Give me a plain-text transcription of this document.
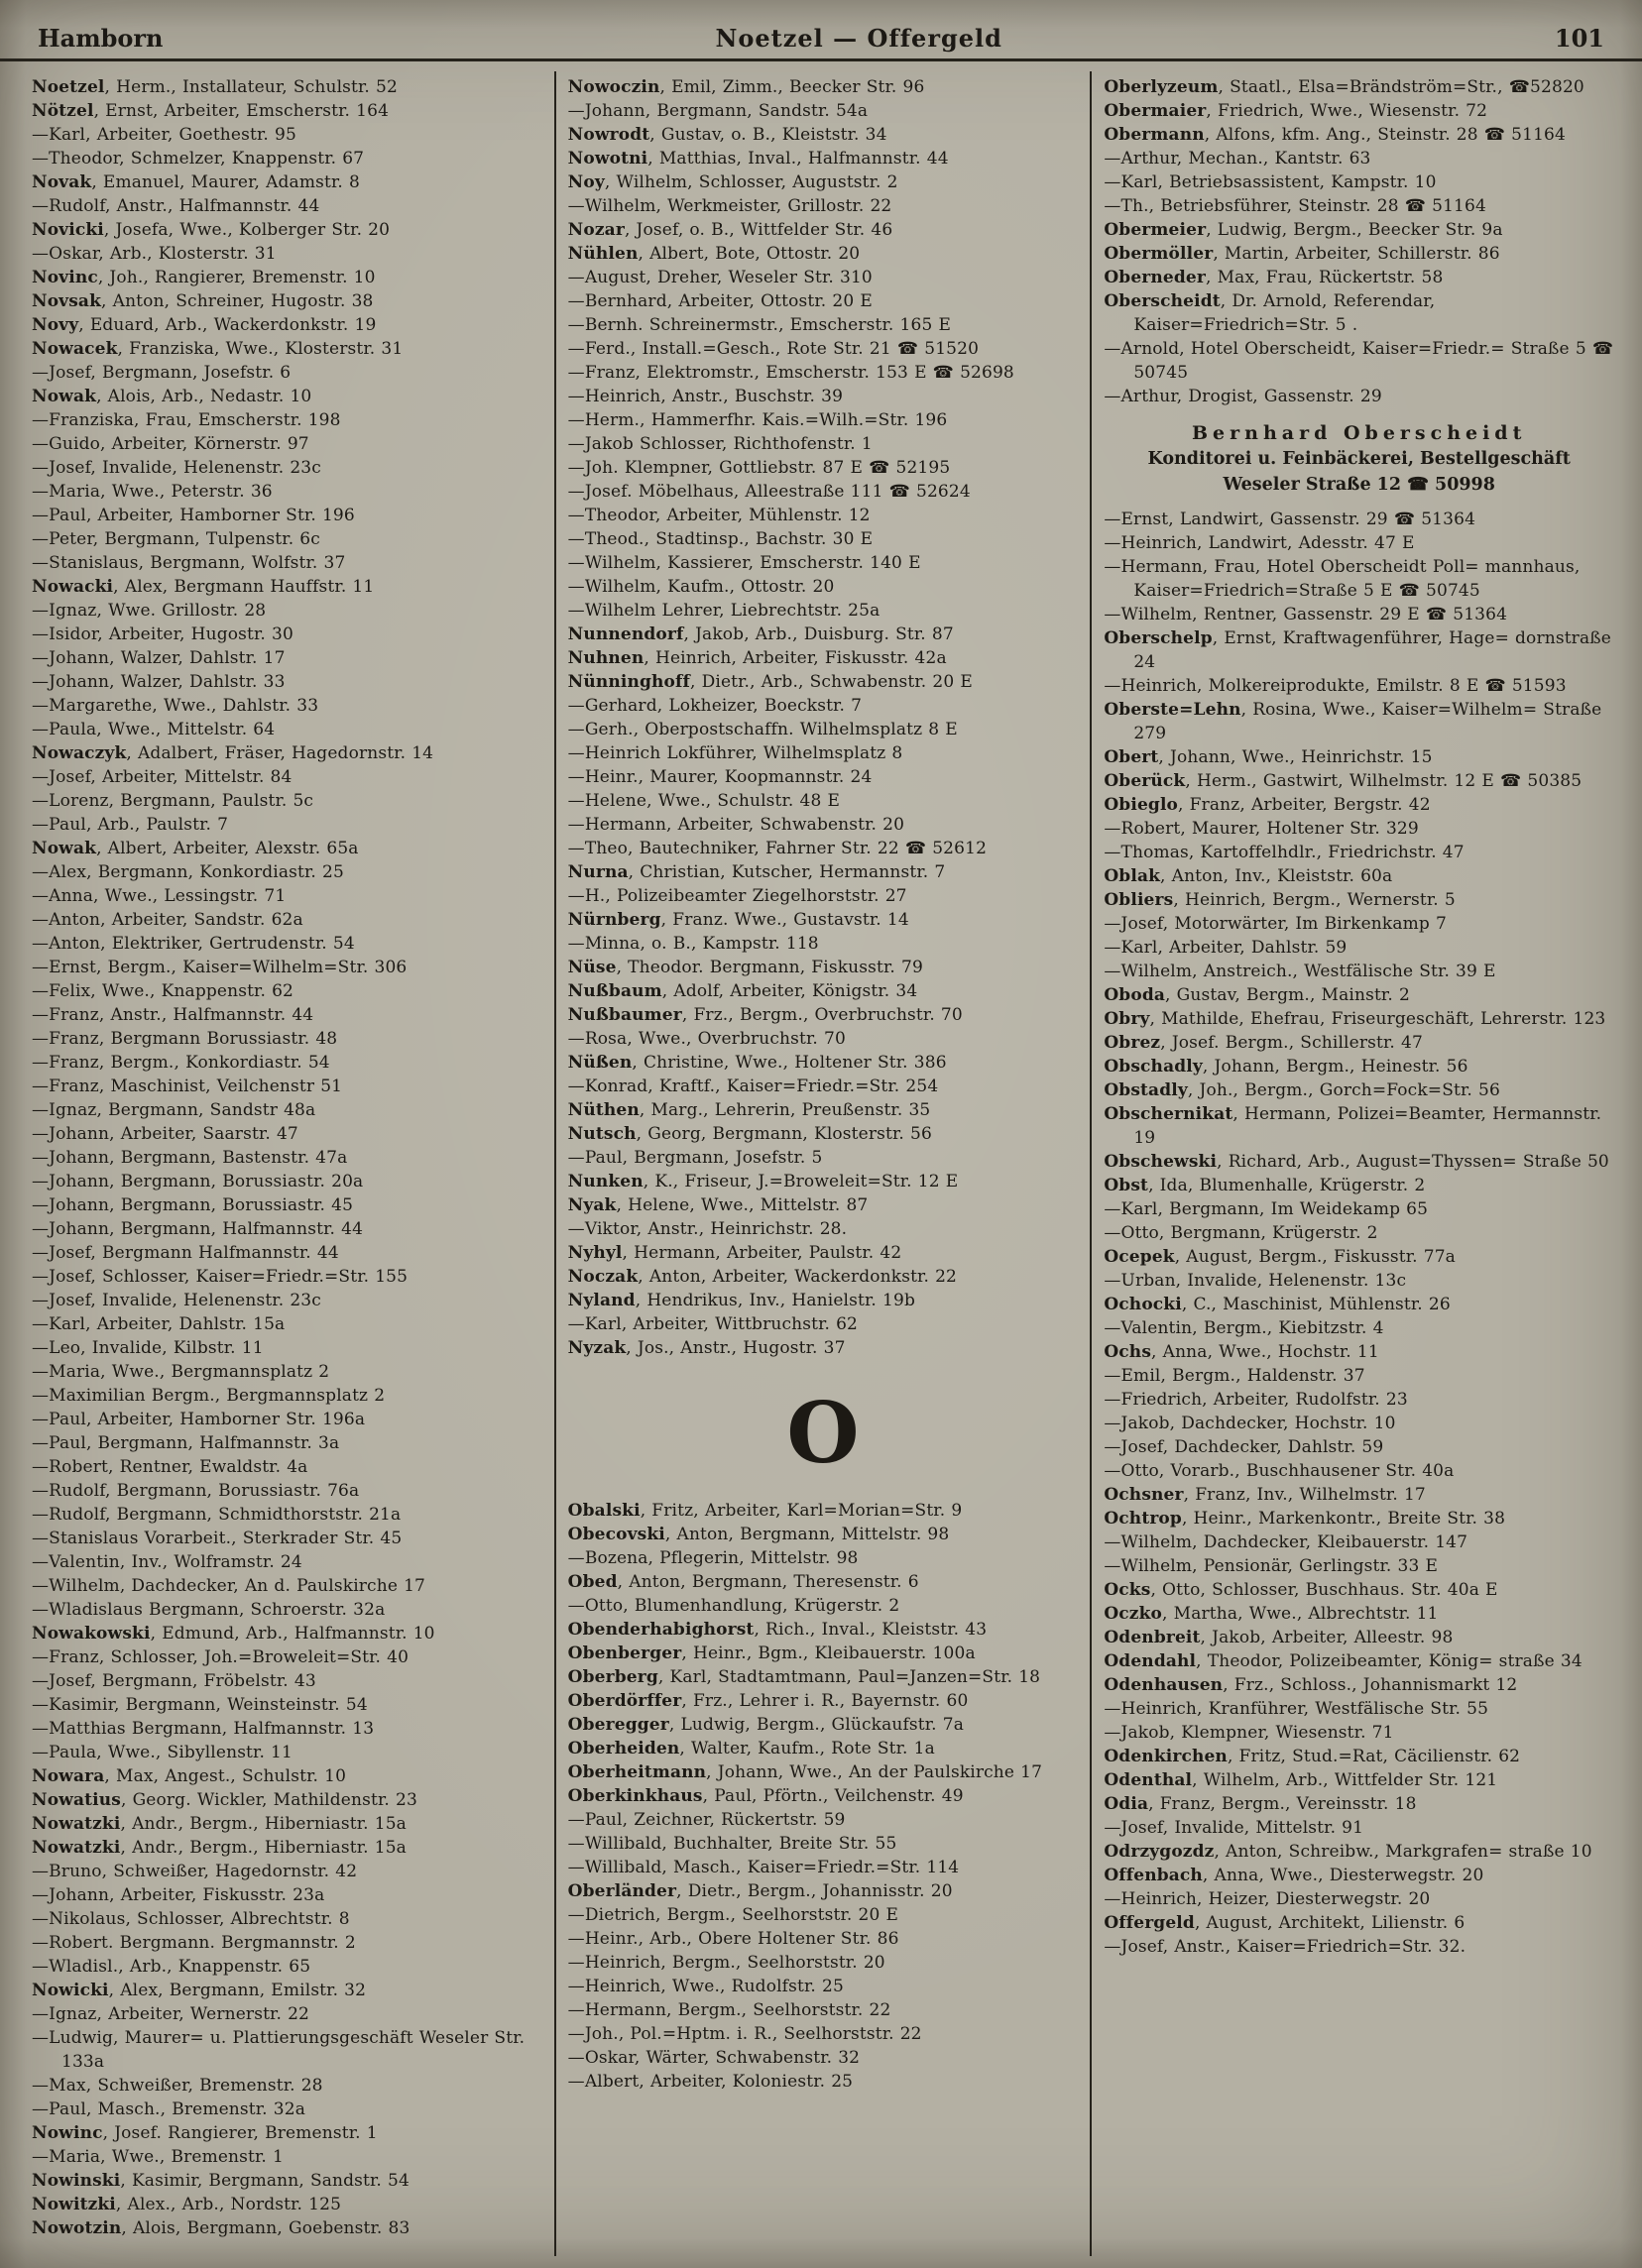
Hamborn	Noetzel — Offergeld	101
Noetzel, Herm., Installateur, Schulstr. 52
Nötzel, Ernst, Arbeiter, Emscherstr. 164
—Karl, Arbeiter, Goethestr. 95
—Theodor, Schmelzer, Knappenstr. 67
Novak, Emanuel, Maurer, Adamstr. 8
—Rudolf, Anstr., Halfmannstr. 44
Novicki, Josefa, Wwe., Kolberger Str. 20
—Oskar, Arb., Klosterstr. 31
Novinc, Joh., Rangierer, Bremenstr. 10
Novsak, Anton, Schreiner, Hugostr. 38
Novy, Eduard, Arb., Wackerdonkstr. 19
Nowacek, Franziska, Wwe., Klosterstr. 31
—Josef, Bergmann, Josefstr. 6
Nowak, Alois, Arb., Nedastr. 10
—Franziska, Frau, Emscherstr. 198
—Guido, Arbeiter, Körnerstr. 97
—Josef, Invalide, Helenenstr. 23c
—Maria, Wwe., Peterstr. 36
—Paul, Arbeiter, Hamborner Str. 196
—Peter, Bergmann, Tulpenstr. 6c
—Stanislaus, Bergmann, Wolfstr. 37
Nowacki, Alex, Bergmann Hauffstr. 11
—Ignaz, Wwe. Grillostr. 28
—Isidor, Arbeiter, Hugostr. 30
—Johann, Walzer, Dahlstr. 17
—Johann, Walzer, Dahlstr. 33
—Margarethe, Wwe., Dahlstr. 33
—Paula, Wwe., Mittelstr. 64
Nowaczyk, Adalbert, Fräser, Hagedornstr. 14
—Josef, Arbeiter, Mittelstr. 84
—Lorenz, Bergmann, Paulstr. 5c
—Paul, Arb., Paulstr. 7
Nowak, Albert, Arbeiter, Alexstr. 65a
—Alex, Bergmann, Konkordiastr. 25
—Anna, Wwe., Lessingstr. 71
—Anton, Arbeiter, Sandstr. 62a
—Anton, Elektriker, Gertrudenstr. 54
—Ernst, Bergm., Kaiser=Wilhelm=Str. 306
—Felix, Wwe., Knappenstr. 62
—Franz, Anstr., Halfmannstr. 44
—Franz, Bergmann Borussiastr. 48
—Franz, Bergm., Konkordiastr. 54
—Franz, Maschinist, Veilchenstr 51
—Ignaz, Bergmann, Sandstr 48a
—Johann, Arbeiter, Saarstr. 47
—Johann, Bergmann, Bastenstr. 47a
—Johann, Bergmann, Borussiastr. 20a
—Johann, Bergmann, Borussiastr. 45
—Johann, Bergmann, Halfmannstr. 44
—Josef, Bergmann Halfmannstr. 44
—Josef, Schlosser, Kaiser=Friedr.=Str. 155
—Josef, Invalide, Helenenstr. 23c
—Karl, Arbeiter, Dahlstr. 15a
—Leo, Invalide, Kilbstr. 11
—Maria, Wwe., Bergmannsplatz 2
—Maximilian Bergm., Bergmannsplatz 2
—Paul, Arbeiter, Hamborner Str. 196a
—Paul, Bergmann, Halfmannstr. 3a
—Robert, Rentner, Ewaldstr. 4a
—Rudolf, Bergmann, Borussiastr. 76a
—Rudolf, Bergmann, Schmidthorststr. 21a
—Stanislaus Vorarbeit., Sterkrader Str. 45
—Valentin, Inv., Wolframstr. 24
—Wilhelm, Dachdecker, An d. Paulskirche 17
—Wladislaus Bergmann, Schroerstr. 32a
Nowakowski, Edmund, Arb., Halfmannstr. 10
—Franz, Schlosser, Joh.=Broweleit=Str. 40
—Josef, Bergmann, Fröbelstr. 43
—Kasimir, Bergmann, Weinsteinstr. 54
—Matthias Bergmann, Halfmannstr. 13
—Paula, Wwe., Sibyllenstr. 11
Nowara, Max, Angest., Schulstr. 10
Nowatius, Georg. Wickler, Mathildenstr. 23
Nowatzki, Andr., Bergm., Hiberniastr. 15a
Nowatzki, Andr., Bergm., Hiberniastr. 15a
—Bruno, Schweißer, Hagedornstr. 42
—Johann, Arbeiter, Fiskusstr. 23a
—Nikolaus, Schlosser, Albrechtstr. 8
—Robert. Bergmann. Bergmannstr. 2
—Wladisl., Arb., Knappenstr. 65
Nowicki, Alex, Bergmann, Emilstr. 32
—Ignaz, Arbeiter, Wernerstr. 22
—Ludwig, Maurer= u. Plattierungsgeschäft Weseler Str. 133a
—Max, Schweißer, Bremenstr. 28
—Paul, Masch., Bremenstr. 32a
Nowinc, Josef. Rangierer, Bremenstr. 1
—Maria, Wwe., Bremenstr. 1
Nowinski, Kasimir, Bergmann, Sandstr. 54
Nowitzki, Alex., Arb., Nordstr. 125
Nowotzin, Alois, Bergmann, Goebenstr. 83
Nowoczin, Emil, Zimm., Beecker Str. 96
—Johann, Bergmann, Sandstr. 54a
Nowrodt, Gustav, o. B., Kleiststr. 34
Nowotni, Matthias, Inval., Halfmannstr. 44
Noy, Wilhelm, Schlosser, Auguststr. 2
—Wilhelm, Werkmeister, Grillostr. 22
Nozar, Josef, o. B., Wittfelder Str. 46
Nühlen, Albert, Bote, Ottostr. 20
—August, Dreher, Weseler Str. 310
—Bernhard, Arbeiter, Ottostr. 20 E
—Bernh. Schreinermstr., Emscherstr. 165 E
—Ferd., Install.=Gesch., Rote Str. 21 ☎ 51520
—Franz, Elektromstr., Emscherstr. 153 E ☎ 52698
—Heinrich, Anstr., Buschstr. 39
—Herm., Hammerfhr. Kais.=Wilh.=Str. 196
—Jakob Schlosser, Richthofenstr. 1
—Joh. Klempner, Gottliebstr. 87 E ☎ 52195
—Josef. Möbelhaus, Alleestraße 111 ☎ 52624
—Theodor, Arbeiter, Mühlenstr. 12
—Theod., Stadtinsp., Bachstr. 30 E
—Wilhelm, Kassierer, Emscherstr. 140 E
—Wilhelm, Kaufm., Ottostr. 20
—Wilhelm Lehrer, Liebrechtstr. 25a
Nunnendorf, Jakob, Arb., Duisburg. Str. 87
Nuhnen, Heinrich, Arbeiter, Fiskusstr. 42a
Nünninghoff, Dietr., Arb., Schwabenstr. 20 E
—Gerhard, Lokheizer, Boeckstr. 7
—Gerh., Oberpostschaffn. Wilhelmsplatz 8 E
—Heinrich Lokführer, Wilhelmsplatz 8
—Heinr., Maurer, Koopmannstr. 24
—Helene, Wwe., Schulstr. 48 E
—Hermann, Arbeiter, Schwabenstr. 20
—Theo, Bautechniker, Fahrner Str. 22 ☎ 52612
Nurna, Christian, Kutscher, Hermannstr. 7
—H., Polizeibeamter Ziegelhorststr. 27
Nürnberg, Franz. Wwe., Gustavstr. 14
—Minna, o. B., Kampstr. 118
Nüse, Theodor. Bergmann, Fiskusstr. 79
Nußbaum, Adolf, Arbeiter, Königstr. 34
Nußbaumer, Frz., Bergm., Overbruchstr. 70
—Rosa, Wwe., Overbruchstr. 70
Nüßen, Christine, Wwe., Holtener Str. 386
—Konrad, Kraftf., Kaiser=Friedr.=Str. 254
Nüthen, Marg., Lehrerin, Preußenstr. 35
Nutsch, Georg, Bergmann, Klosterstr. 56
—Paul, Bergmann, Josefstr. 5
Nunken, K., Friseur, J.=Broweleit=Str. 12 E
Nyak, Helene, Wwe., Mittelstr. 87
—Viktor, Anstr., Heinrichstr. 28.
Nyhyl, Hermann, Arbeiter, Paulstr. 42
Noczak, Anton, Arbeiter, Wackerdonkstr. 22
Nyland, Hendrikus, Inv., Hanielstr. 19b
—Karl, Arbeiter, Wittbruchstr. 62
Nyzak, Jos., Anstr., Hugostr. 37
O
Obalski, Fritz, Arbeiter, Karl=Morian=Str. 9
Obecovski, Anton, Bergmann, Mittelstr. 98
—Bozena, Pflegerin, Mittelstr. 98
Obed, Anton, Bergmann, Theresenstr. 6
—Otto, Blumenhandlung, Krügerstr. 2
Obenderhabighorst, Rich., Inval., Kleiststr. 43
Obenberger, Heinr., Bgm., Kleibauerstr. 100a
Oberberg, Karl, Stadtamtmann, Paul=Janzen=Str. 18
Oberdörffer, Frz., Lehrer i. R., Bayernstr. 60
Oberegger, Ludwig, Bergm., Glückaufstr. 7a
Oberheiden, Walter, Kaufm., Rote Str. 1a
Oberheitmann, Johann, Wwe., An der Paulskirche 17
Oberkinkhaus, Paul, Pförtn., Veilchenstr. 49
—Paul, Zeichner, Rückertstr. 59
—Willibald, Buchhalter, Breite Str. 55
—Willibald, Masch., Kaiser=Friedr.=Str. 114
Oberländer, Dietr., Bergm., Johannisstr. 20
—Dietrich, Bergm., Seelhorststr. 20 E
—Heinr., Arb., Obere Holtener Str. 86
—Heinrich, Bergm., Seelhorststr. 20
—Heinrich, Wwe., Rudolfstr. 25
—Hermann, Bergm., Seelhorststr. 22
—Joh., Pol.=Hptm. i. R., Seelhorststr. 22
—Oskar, Wärter, Schwabenstr. 32
—Albert, Arbeiter, Koloniestr. 25
Oberlyzeum, Staatl., Elsa=Brändström=Str., ☎52820
Obermaier, Friedrich, Wwe., Wiesenstr. 72
Obermann, Alfons, kfm. Ang., Steinstr. 28 ☎ 51164
—Arthur, Mechan., Kantstr. 63
—Karl, Betriebsassistent, Kampstr. 10
—Th., Betriebsführer, Steinstr. 28 ☎ 51164
Obermeier, Ludwig, Bergm., Beecker Str. 9a
Obermöller, Martin, Arbeiter, Schillerstr. 86
Oberneder, Max, Frau, Rückertstr. 58
Oberscheidt, Dr. Arnold, Referendar, Kaiser=Friedrich=Str. 5 .
—Arnold, Hotel Oberscheidt, Kaiser=Friedr.= Straße 5 ☎ 50745
—Arthur, Drogist, Gassenstr. 29
Bernhard Oberscheidt
Konditorei u. Feinbäckerei, Bestellgeschäft
Weseler Straße 12 ☎ 50998
—Ernst, Landwirt, Gassenstr. 29 ☎ 51364
—Heinrich, Landwirt, Adesstr. 47 E
—Hermann, Frau, Hotel Oberscheidt Poll= mannhaus, Kaiser=Friedrich=Straße 5 E ☎ 50745
—Wilhelm, Rentner, Gassenstr. 29 E ☎ 51364
Oberschelp, Ernst, Kraftwagenführer, Hage= dornstraße 24
—Heinrich, Molkereiprodukte, Emilstr. 8 E ☎ 51593
Oberste=Lehn, Rosina, Wwe., Kaiser=Wilhelm= Straße 279
Obert, Johann, Wwe., Heinrichstr. 15
Oberück, Herm., Gastwirt, Wilhelmstr. 12 E ☎ 50385
Obieglo, Franz, Arbeiter, Bergstr. 42
—Robert, Maurer, Holtener Str. 329
—Thomas, Kartoffelhdlr., Friedrichstr. 47
Oblak, Anton, Inv., Kleiststr. 60a
Obliers, Heinrich, Bergm., Wernerstr. 5
—Josef, Motorwärter, Im Birkenkamp 7
—Karl, Arbeiter, Dahlstr. 59
—Wilhelm, Anstreich., Westfälische Str. 39 E
Oboda, Gustav, Bergm., Mainstr. 2
Obry, Mathilde, Ehefrau, Friseurgeschäft, Lehrerstr. 123
Obrez, Josef. Bergm., Schillerstr. 47
Obschadly, Johann, Bergm., Heinestr. 56
Obstadly, Joh., Bergm., Gorch=Fock=Str. 56
Obschernikat, Hermann, Polizei=Beamter, Hermannstr. 19
Obschewski, Richard, Arb., August=Thyssen= Straße 50
Obst, Ida, Blumenhalle, Krügerstr. 2
—Karl, Bergmann, Im Weidekamp 65
—Otto, Bergmann, Krügerstr. 2
Ocepek, August, Bergm., Fiskusstr. 77a
—Urban, Invalide, Helenenstr. 13c
Ochocki, C., Maschinist, Mühlenstr. 26
—Valentin, Bergm., Kiebitzstr. 4
Ochs, Anna, Wwe., Hochstr. 11
—Emil, Bergm., Haldenstr. 37
—Friedrich, Arbeiter, Rudolfstr. 23
—Jakob, Dachdecker, Hochstr. 10
—Josef, Dachdecker, Dahlstr. 59
—Otto, Vorarb., Buschhausener Str. 40a
Ochsner, Franz, Inv., Wilhelmstr. 17
Ochtrop, Heinr., Markenkontr., Breite Str. 38
—Wilhelm, Dachdecker, Kleibauerstr. 147
—Wilhelm, Pensionär, Gerlingstr. 33 E
Ocks, Otto, Schlosser, Buschhaus. Str. 40a E
Oczko, Martha, Wwe., Albrechtstr. 11
Odenbreit, Jakob, Arbeiter, Alleestr. 98
Odendahl, Theodor, Polizeibeamter, König= straße 34
Odenhausen, Frz., Schloss., Johannismarkt 12
—Heinrich, Kranführer, Westfälische Str. 55
—Jakob, Klempner, Wiesenstr. 71
Odenkirchen, Fritz, Stud.=Rat, Cäcilienstr. 62
Odenthal, Wilhelm, Arb., Wittfelder Str. 121
Odia, Franz, Bergm., Vereinsstr. 18
—Josef, Invalide, Mittelstr. 91
Odrzygozdz, Anton, Schreibw., Markgrafen= straße 10
Offenbach, Anna, Wwe., Diesterwegstr. 20
—Heinrich, Heizer, Diesterwegstr. 20
Offergeld, August, Architekt, Lilienstr. 6
—Josef, Anstr., Kaiser=Friedrich=Str. 32.
